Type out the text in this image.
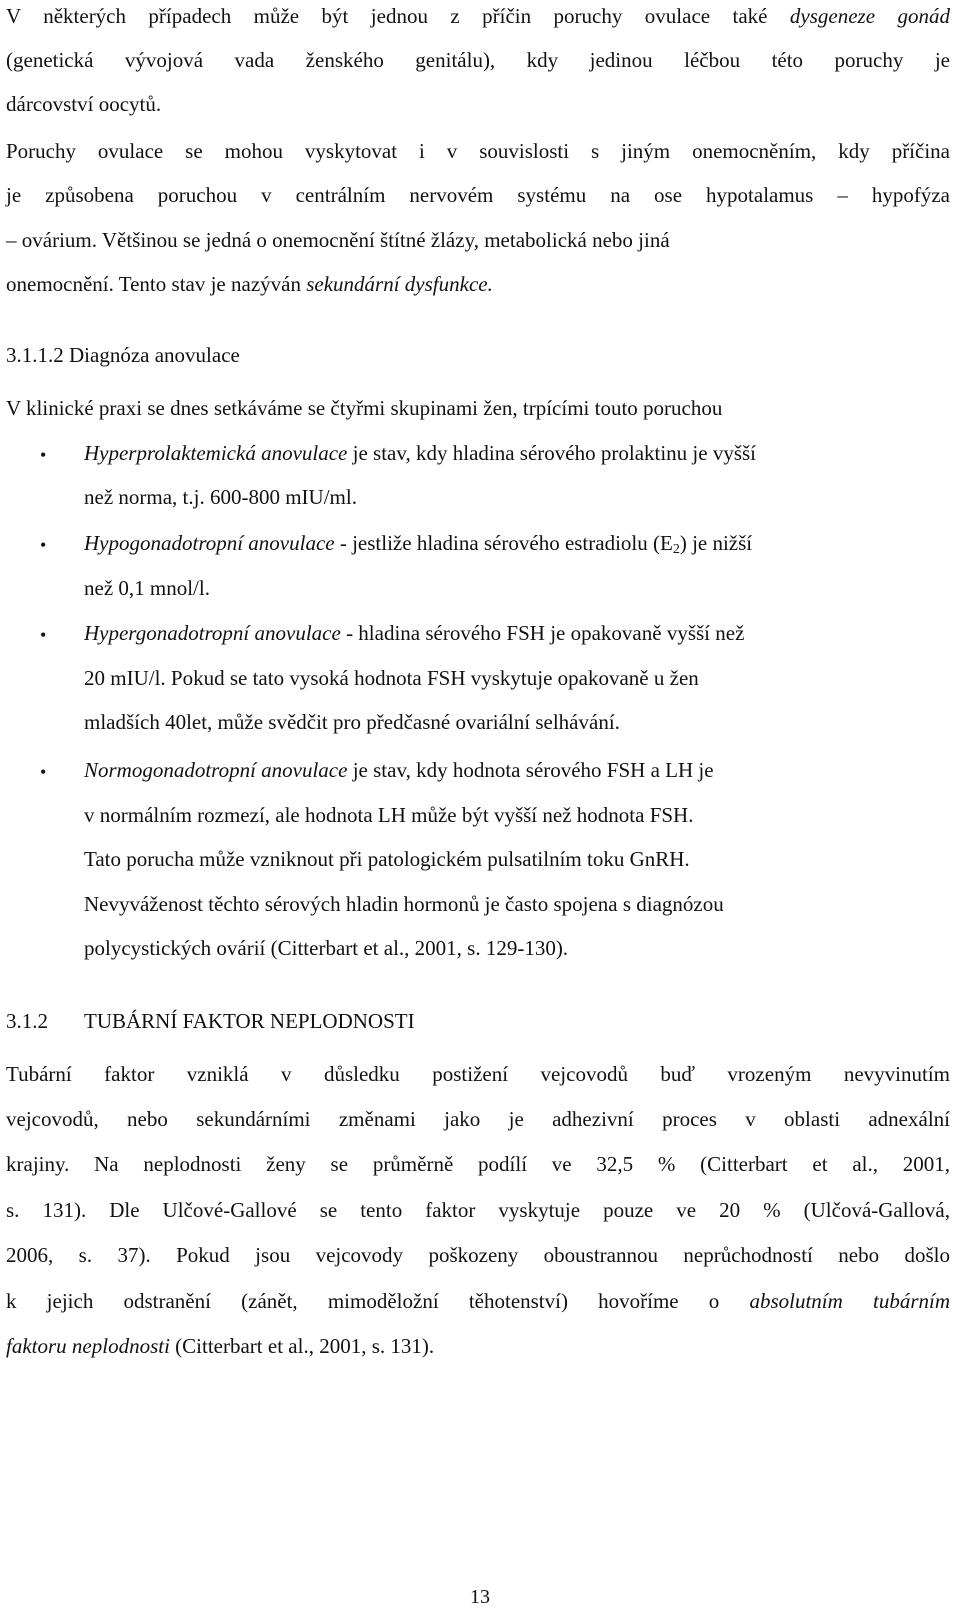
V některých případech může být jednou z příčin poruchy ovulace také dysgeneze gonád
(genetická vývojová vada ženského genitálu), kdy jedinou léčbou této poruchy je
dárcovství oocytů.
Poruchy ovulace se mohou vyskytovat i v souvislosti s jiným onemocněním, kdy příčina
je způsobena poruchou v centrálním nervovém systému na ose hypotalamus – hypofýza
– ovárium. Většinou se jedná o onemocnění štítné žlázy, metabolická nebo jiná
onemocnění. Tento stav je nazýván sekundární dysfunkce.
3.1.1.2 Diagnóza anovulace
V klinické praxi se dnes setkáváme se čtyřmi skupinami žen, trpícími touto poruchou
• Hyperprolaktemická anovulace je stav, kdy hladina sérového prolaktinu je vyšší
než norma, t.j. 600-800 mIU/ml.
• Hypogonadotropní anovulace - jestliže hladina sérového estradiolu (E2) je nižší
než 0,1 mnol/l.
• Hypergonadotropní anovulace - hladina sérového FSH je opakovaně vyšší než
20 mIU/l. Pokud se tato vysoká hodnota FSH vyskytuje opakovaně u žen
mladších 40let, může svědčit pro předčasné ovariální selhávání.
• Normogonadotropní anovulace je stav, kdy hodnota sérového FSH a LH je
v normálním rozmezí, ale hodnota LH může být vyšší než hodnota FSH.
Tato porucha může vzniknout při patologickém pulsatilním toku GnRH.
Nevyváženost těchto sérových hladin hormonů je často spojena s diagnózou
polycystických ovárií (Citterbart et al., 2001, s. 129-130).
3.1.2 TUBÁRNÍ FAKTOR NEPLODNOSTI
Tubární faktor vzniklá v důsledku postižení vejcovodů buď vrozeným nevyvinutím
vejcovodů, nebo sekundárními změnami jako je adhezivní proces v oblasti adnexální
krajiny. Na neplodnosti ženy se průměrně podílí ve 32,5 % (Citterbart et al., 2001,
s. 131). Dle Ulčové-Gallové se tento faktor vyskytuje pouze ve 20 % (Ulčová-Gallová,
2006, s. 37). Pokud jsou vejcovody poškozeny oboustrannou neprůchodností nebo došlo
k jejich odstranění (zánět, mimoděložní těhotenství) hovoříme o absolutním tubárním
faktoru neplodnosti (Citterbart et al., 2001, s. 131).
13
